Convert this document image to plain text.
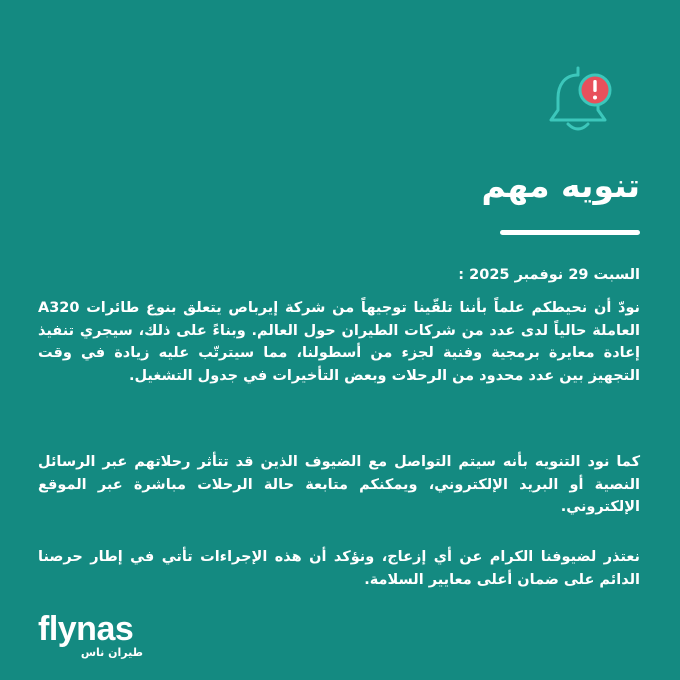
تنويه مهم
السبت 29 نوفمبر 2025 :

نودّ أن نحيطكم علماً بأننا تلقّينا توجيهاً من شركة إيرباص يتعلق بنوع طائرات A320 العاملة حالياً لدى عدد من شركات الطيران حول العالم. وبناءً على ذلك، سيجري تنفيذ إعادة معايرة برمجية وفنية لجزء من أسطولنا، مما سيترتّب عليه زيادة في وقت التجهيز بين عدد محدود من الرحلات وبعض التأخيرات في جدول التشغيل.

كما نود التنويه بأنه سيتم التواصل مع الضيوف الذين قد تتأثر رحلاتهم عبر الرسائل النصية أو البريد الإلكتروني، ويمكنكم متابعة حالة الرحلات مباشرة عبر الموقع الإلكتروني.

نعتذر لضيوفنا الكرام عن أي إزعاج، ونؤكد أن هذه الإجراءات تأتي في إطار حرصنا الدائم على ضمان أعلى معايير السلامة.

flynas
طيران ناس
